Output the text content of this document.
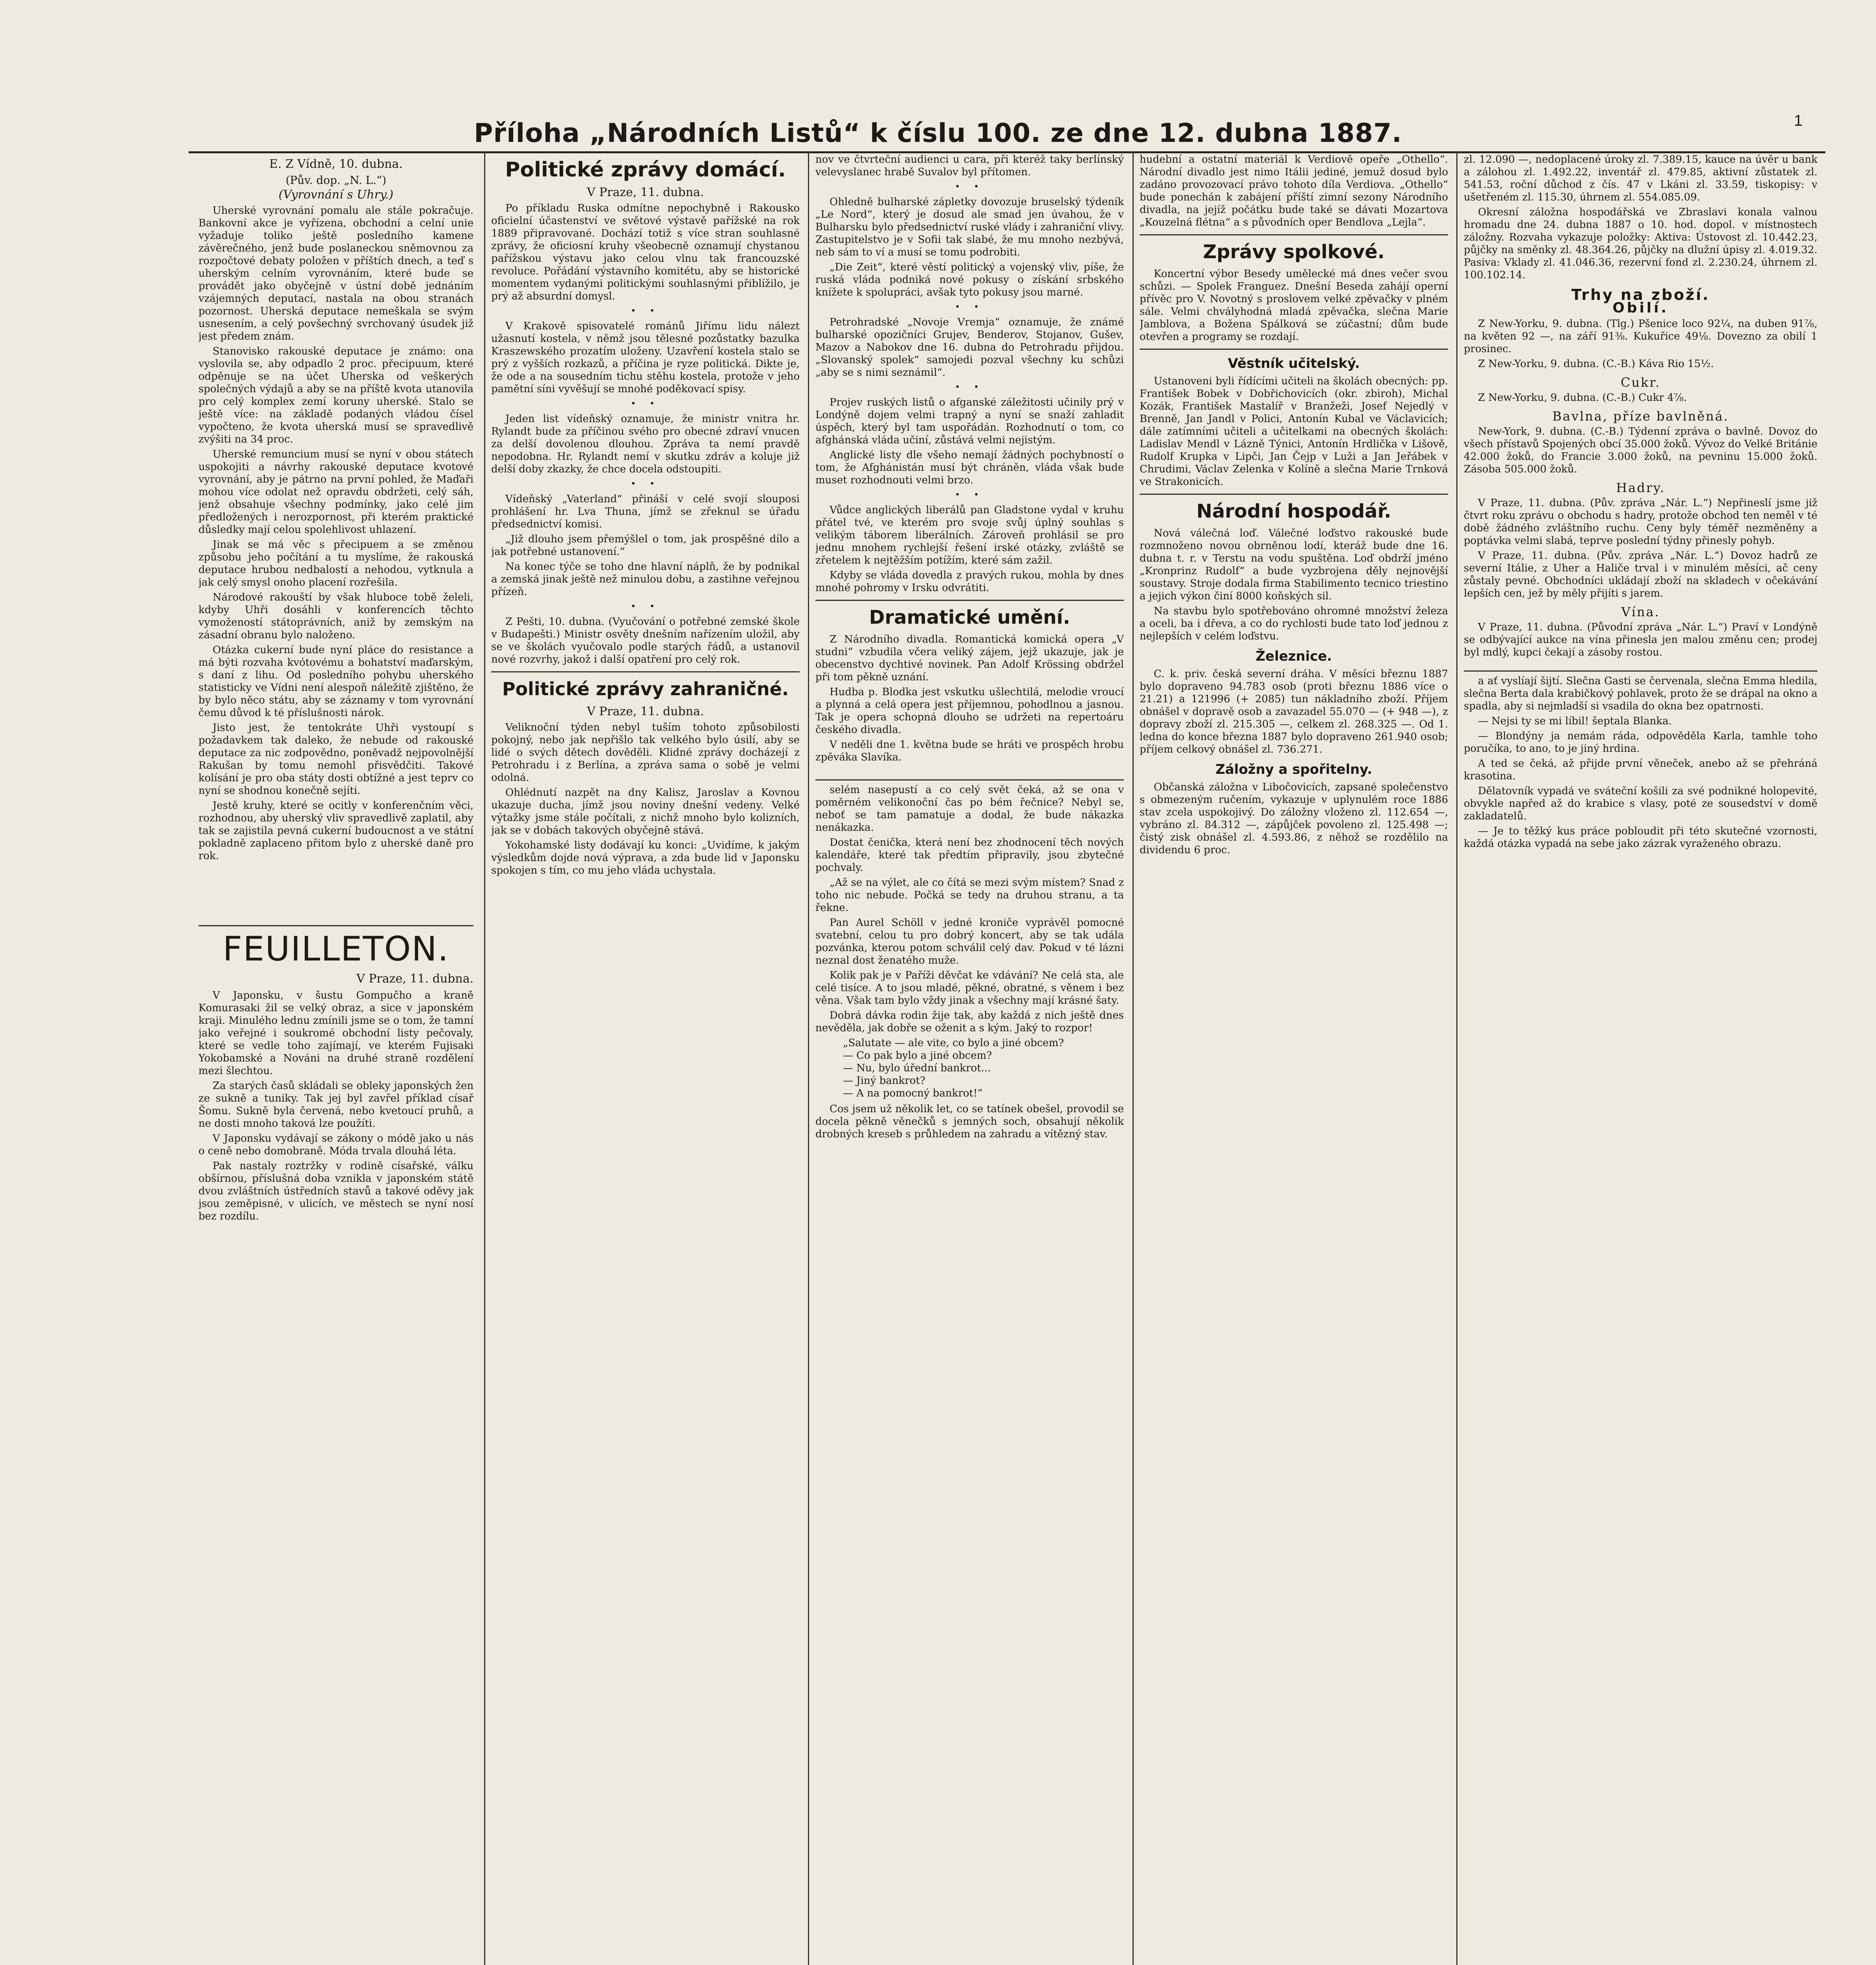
Příloha „Národních Listů“ k číslu 100. ze dne 12. dubna 1887.	1
E. Z Vídně, 10. dubna.
(Pův. dop. „N. L.“)
(Vyrovnání s Uhry.)

Uherské vyrovnání pomalu ale stále pokračuje. Bankovní akce je vyřízena, obchodní a celní unie vyžaduje toliko ještě posledního kamene závěrečného, jenž bude poslaneckou sněmovnou za rozpočtové debaty položen v příštích dnech, a teď s uherským celním vyrovnáním, které bude se provádět jako obyčejně v ústní době jednáním vzájemných deputací, nastala na obou stranách pozornost. Uherská deputace nemeškala se svým usnesením, a celý povšechný svrchovaný úsudek již jest předem znám.

Stanovisko rakouské deputace je známo: ona vyslovila se, aby odpadlo 2 proc. přecipuum, které odpěnuje se na účet Uherska od veškerých společných výdajů a aby se na příště kvota utanovila pro celý komplex zemí koruny uherské. Stalo se ještě více: na základě podaných vládou čísel vypočteno, že kvota uherská musí se spravedlivě zvýšiti na 34 proc.

Uherské remuncium musí se nyní v obou státech uspokojiti a návrhy rakouské deputace kvotové vyrovnání, aby je pátrno na první pohled, že Maďaři mohou více odolat než opravdu obdržeti, celý sáh, jenž obsahuje všechny podmínky, jako celé jim předložených i nerozpornost, při kterém praktické důsledky mají celou spolehlivost uhlazení.

Jinak se má věc s přecipuem a se změnou způsobu jeho počítání a tu myslíme, že rakouská deputace hrubou nedbalostí a nehodou, vytknula a jak celý smysl onoho placení rozřešila.

Národové rakouští by však hluboce tobě želeli, kdyby Uhři dosáhli v konferencích těchto vymožeností státoprávních, aniž by zemským na zásadní obranu bylo naloženo.

Otázka cukerní bude nyní pláce do resistance a má býti rozvaha kvótovému a bohatství maďarským, s daní z lihu. Od posledního pohybu uherského statisticky ve Vídni není alespoň náležitě zjištěno, že by bylo něco státu, aby se záznamy v tom vyrovnání čemu důvod k té příslušnosti nárok.

Jisto jest, že tentokráte Uhři vystoupí s požadavkem tak daleko, že nebude od rakouské deputace za nic zodpovědno, poněvadž nejpovolnější Rakušan by tomu nemohl přisvědčiti. Takové kolísání je pro oba státy dosti obtížné a jest teprv co nyní se shodnou konečně sejíti.

Jestě kruhy, které se ocitly v konferenčním věci, rozhodnou, aby uherský vliv spravedlivě zaplatil, aby tak se zajistila pevná cukerní budoucnost a ve státní pokladně zaplaceno přitom bylo z uherské daně pro rok.

FEUILLETON.
V Praze, 11. dubna.

V Japonsku, v šustu Gompučho a kraně Komurasaki žil se velký obraz, a sice v japonském kraji. Minulého lednu zmínili jsme se o tom, že tamní jako veřejné i soukromé obchodní listy pečovaly, které se vedle toho zajímají, ve kterém Fujisaki Yokobamské a Nováni na druhé straně rozdělení mezi šlechtou.

Za starých časů skládali se obleky japonských žen ze sukně a tuniky. Tak jej byl zavřel příklad císař Šomu. Sukně byla červená, nebo kvetoucí pruhů, a ne dosti mnoho taková lze použíti.

V Japonsku vydávají se zákony o módě jako u nás o ceně nebo domobraně. Móda trvala dlouhá léta.

Pak nastaly roztržky v rodině císařské, válku obšírnou, příslušná doba vznikla v japonském státě dvou zvláštních ústředních stavů a takové oděvy jak jsou zeměpisné, v ulicích, ve městech se nyní nosí bez rozdílu.

Politické zprávy domácí.
V Praze, 11. dubna.

Po příkladu Ruska odmítne nepochybně i Rakousko oficielní účastenství ve světové výstavě pařížské na rok 1889 připravované. Dochází totiž s více stran souhlasné zprávy, že oficiosní kruhy všeobecně oznamují chystanou pařížskou výstavu jako celou vlnu tak francouzské revoluce. Pořádání výstavního komitétu, aby se historické momentem vydanými politickými souhlasnými přiblížilo, je prý až absurdní domysl.

• •

V Krakově spisovatelé románů Jiřímu lidu nálezt užasnutí kostela, v němž jsou tělesné pozůstatky bazulka Kraszewského prozatím uloženy. Uzavření kostela stalo se prý z vyšších rozkazů, a příčina je ryze politická. Dikte je, že ode a na sousedním tichu stěhu kostela, protože v jeho pamětní síni vyvěšují se mnohé poděkovací spisy.

• •

Jeden list vídeňský oznamuje, že ministr vnitra hr. Rylandt bude za příčinou svého pro obecné zdraví vnucen za delší dovolenou dlouhou. Zpráva ta nemí pravdě nepodobna. Hr. Rylandt nemí v skutku zdráv a koluje již delší doby zkazky, že chce docela odstoupiti.

• •

Vídeňský „Vaterland“ přináší v celé svojí slouposi prohlášení hr. Lva Thuna, jímž se zřeknul se úřadu předsednictví komisi.

„Již dlouho jsem přemýšlel o tom, jak prospěšné dílo a jak potřebné ustanovení.“

Na konec týče se toho dne hlavní náplň, že by podnikal a zemská jinak ještě než minulou dobu, a zastihne veřejnou přízeň.

• •

Z Pešti, 10. dubna. (Vyučování o potřebné zemské škole v Budapešti.) Ministr osvěty dnešním nařízením uložil, aby se ve školách vyučovalo podle starých řádů, a ustanovil nové rozvrhy, jakož i další opatření pro celý rok.

Politické zprávy zahraničné.
V Praze, 11. dubna.

Veliknoční týden nebyl tuším tohoto způsobilosti pokojný, nebo jak nepřišlo tak velkého bylo úsilí, aby se lidé o svých dětech dověděli. Klidné zprávy docházejí z Petrohradu i z Berlína, a zpráva sama o sobě je velmi odolná.

Ohlédnutí nazpět na dny Kalisz, Jaroslav a Kovnou ukazuje ducha, jímž jsou noviny dnešní vedeny. Velké výtažky jsme stále počítali, z nichž mnoho bylo kolizních, jak se v dobách takových obyčejně stává.

Yokohamské listy dodávají ku konci: „Uvidíme, k jakým výsledkům dojde nová výprava, a zda bude lid v Japonsku spokojen s tím, co mu jeho vláda uchystala.

nov ve čtvrteční audienci u cara, při kteréž taky berlínský velevyslanec hrabě Suvalov byl přítomen.

• •

Ohledně bulharské zápletky dovozuje bruselský týdeník „Le Nord“, který je dosud ale smad jen úvahou, že v Bulharsku bylo předsednictví ruské vlády i zahraniční vlivy. Zastupitelstvo je v Sofii tak slabé, že mu mnoho nezbývá, neb sám to ví a musí se tomu podrobiti.

„Die Zeit“, které věstí politický a vojenský vliv, píše, že ruská vláda podniká nové pokusy o získání srbského knížete k spolupráci, avšak tyto pokusy jsou marné.

• •

Petrohradské „Novoje Vremja“ oznamuje, že známé bulharské opozičníci Grujev, Benderov, Stojanov, Gušev, Mazov a Nabokov dne 16. dubna do Petrohradu přijdou. „Slovanský spolek“ samojedi pozval všechny ku schůzi „aby se s nimi seznámil“.

• •

Projev ruských listů o afganské záležitosti učinily prý v Londýně dojem velmi trapný a nyní se snaží zahladit úspěch, který byl tam uspořádán. Rozhodnutí o tom, co afghánská vláda učiní, zůstává velmi nejistým.

Anglické listy dle všeho nemají žádných pochybností o tom, že Afghánistán musí být chráněn, vláda však bude muset rozhodnouti velmi brzo.

• •

Vůdce anglických liberálů pan Gladstone vydal v kruhu přátel tvé, ve kterém pro svoje svůj úplný souhlas s velikým táborem liberálních. Zároveň prohlásil se pro jednu mnohem rychlejší řešení irské otázky, zvláště se zřetelem k nejtěžším potížím, které sám zažil.

Kdyby se vláda dovedla z pravých rukou, mohla by dnes mnohé pohromy v Irsku odvrátiti.

Dramatické umění.

Z Národního divadla. Romantická komická opera „V studni“ vzbudila včera veliký zájem, jejž ukazuje, jak je obecenstvo dychtivé novinek. Pan Adolf Krössing obdržel při tom pěkně uznání.

Hudba p. Blodka jest vskutku ušlechtilá, melodie vroucí a plynná a celá opera jest příjemnou, pohodlnou a jasnou. Tak je opera schopná dlouho se udržeti na repertoáru českého divadla.

V neděli dne 1. května bude se hráti ve prospěch hrobu zpěváka Slavíka.

selém nasepustí a co celý svět čeká, až se ona v poměrném velikonoční čas po bém řečnice? Nebyl se, neboť se tam pamatuje a dodal, že bude nákazka nenákazka.

Dostat čenička, která není bez zhodnocení těch nových kalendáře, které tak předtím připravily, jsou zbytečné pochvaly.

„Až se na výlet, ale co čítá se mezi svým místem? Snad z toho nic nebude. Počká se tedy na druhou stranu, a ta řekne.

Pan Aurel Schöll v jedné kroniče vyprávěl pomocné svatební, celou tu pro dobrý koncert, aby se tak udála pozvánka, kterou potom schválil celý dav. Pokud v té lázni neznal dost ženatého muže.

Kolik pak je v Paříži děvčat ke vdávání? Ne celá sta, ale celé tisíce. A to jsou mladé, pěkné, obratné, s věnem i bez věna. Však tam bylo vždy jinak a všechny mají krásné šaty.

Dobrá dávka rodin žije tak, aby každá z nich ještě dnes nevěděla, jak dobře se oženit a s kým. Jaký to rozpor!

„Salutate — ale vite, co bylo a jiné obcem?
— Co pak bylo a jiné obcem?
— Nu, bylo úřední bankrot...
— Jiný bankrot?
— A na pomocný bankrot!“

Cos jsem už několik let, co se tatínek obešel, provodil se docela pěkně věnečků s jemných soch, obsahují několik drobných kreseb s průhledem na zahradu a vítězný stav.

hudební a ostatní materiál k Verdiově opeře „Othello“. Národní divadlo jest nimo Itálii jediné, jemuž dosud bylo zadáno provozovací právo tohoto díla Verdiova. „Othello“ bude ponechán k zabájení příští zimní sezony Národního divadla, na jejíž počátku bude také se dávati Mozartova „Kouzelná flétna“ a s původních oper Bendlova „Lejla“.

Zprávy spolkové.

Koncertní výbor Besedy umělecké má dnes večer svou schůzi. — Spolek Franguez. Dnešní Beseda zahájí operní přívěc pro V. Novotný s proslovem velké zpěvačky v plném sále. Velmi chvályhodná mladá zpěvačka, slečna Marie Jamblova, a Božena Spálková se zúčastní; dům bude otevřen a programy se rozdají.

Věstník učitelský.

Ustanoveni byli řídícími učiteli na školách obecných: pp. František Bobek v Dobřichovicích (okr. zbiroh), Michal Kozák, František Mastalíř v Branžeži, Josef Nejedlý v Brenně, Jan Jandl v Polici, Antonín Kubal ve Václavicích; dále zatímními učiteli a učitelkami na obecných školách: Ladislav Mendl v Lázně Týnici, Antonín Hrdlička v Lišově, Rudolf Krupka v Lipči, Jan Čejp v Luži a Jan Jeřábek v Chrudimi, Václav Zelenka v Kolíně a slečna Marie Trnková ve Strakonicích.

Národní hospodář.

Nová válečná loď. Válečné loďstvo rakouské bude rozmnoženo novou obrněnou lodí, kteráž bude dne 16. dubna t. r. v Terstu na vodu spuštěna. Loď obdrží jméno „Kronprinz Rudolf“ a bude vyzbrojena děly nejnovější soustavy. Stroje dodala firma Stabilimento tecnico triestino a jejich výkon činí 8000 koňských sil.

Na stavbu bylo spotřebováno ohromné množství železa a oceli, ba i dřeva, a co do rychlosti bude tato loď jednou z nejlepších v celém loďstvu.

Železnice.

C. k. priv. česká severní dráha. V měsíci březnu 1887 bylo dopraveno 94.783 osob (proti březnu 1886 více o 21.21) a 121996 (+ 2085) tun nákladního zboží. Příjem obnášel v dopravě osob a zavazadel 55.070 — (+ 948 —), z dopravy zboží zl. 215.305 —, celkem zl. 268.325 —. Od 1. ledna do konce března 1887 bylo dopraveno 261.940 osob; příjem celkový obnášel zl. 736.271.

Záložny a spořitelny.

Občanská záložna v Libočovicích, zapsané společenstvo s obmezeným ručením, vykazuje v uplynulém roce 1886 stav zcela uspokojivý. Do záložny vloženo zl. 112.654 —, vybráno zl. 84.312 —, zápůjček povoleno zl. 125.498 —; čistý zisk obnášel zl. 4.593.86, z něhož se rozdělilo na dividendu 6 proc.

zl. 12.090 —, nedoplacené úroky zl. 7.389.15, kauce na úvěr u bank a zálohou zl. 1.492.22, inventář zl. 479.85, aktivní zůstatek zl. 541.53, roční důchod z čís. 47 v Lkáni zl. 33.59, tiskopisy: v ušetřeném zl. 115.30, úhrnem zl. 554.085.09.

Okresní záložna hospodářská ve Zbraslavi konala valnou hromadu dne 24. dubna 1887 o 10. hod. dopol. v místnostech záložny. Rozvaha vykazuje položky: Aktiva: Ústovost zl. 10.442.23, půjčky na směnky zl. 48.364.26, půjčky na dlužní úpisy zl. 4.019.32. Pasiva: Vklady zl. 41.046.36, rezervní fond zl. 2.230.24, úhrnem zl. 100.102.14.

Trhy na zboží.
Obilí.

Z New-Yorku, 9. dubna. (Tlg.) Pšenice loco 92¼, na duben 91⅞, na květen 92 —, na září 91⅜. Kukuřice 49⅛. Dovezno za obilí 1 prosinec.

Z New-Yorku, 9. dubna. (C.-B.) Káva Rio 15½.

Cukr.

Z New-Yorku, 9. dubna. (C.-B.) Cukr 4⅞.

Bavlna, příze bavlněná.

New-York, 9. dubna. (C.-B.) Týdenní zpráva o bavlně. Dovoz do všech přístavů Spojených obcí 35.000 žoků. Vývoz do Velké Británie 42.000 žoků, do Francie 3.000 žoků, na pevninu 15.000 žoků. Zásoba 505.000 žoků.

Hadry.

V Praze, 11. dubna. (Pův. zpráva „Nár. L.“) Nepřineslí jsme již čtvrt roku zprávu o obchodu s hadry, protože obchod ten neměl v té době žádného zvláštního ruchu. Ceny byly téměř nezměněny a poptávka velmi slabá, teprve poslední týdny přinesly pohyb.

V Praze, 11. dubna. (Pův. zpráva „Nár. L.“) Dovoz hadrů ze severní Itálie, z Uher a Haliče trval i v minulém měsíci, ač ceny zůstaly pevné. Obchodníci ukládají zboží na skladech v očekávání lepších cen, jež by měly přijíti s jarem.

Vína.

V Praze, 11. dubna. (Původní zpráva „Nár. L.“) Praví v Londýně se odbývající aukce na vína přinesla jen malou změnu cen; prodej byl mdlý, kupci čekají a zásoby rostou.

a ať vyslíají šijtí. Slečna Gasti se červenala, slečna Emma hledila, slečna Berta dala krabičkový pohlavek, proto že se drápal na okno a spadla, aby si nejmladší si vsadila do okna bez opatrnosti.

— Nejsi ty se mi líbil! šeptala Blanka.

— Blondýny ja nemám ráda, odpověděla Karla, tamhle toho poručíka, to ano, to je jiný hrdina.

A ted se čeká, až přijde první věneček, anebo až se přehráná krasotina.

Dělatovník vypadá ve sváteční košili za své podnikné holopevité, obvykle napřed až do krabice s vlasy, poté ze sousedství v domě zakladatelů.

— Je to těžký kus práce pobloudit při této skutečné vzornosti, každá otázka vypadá na sebe jako zázrak vyraženého obrazu.
